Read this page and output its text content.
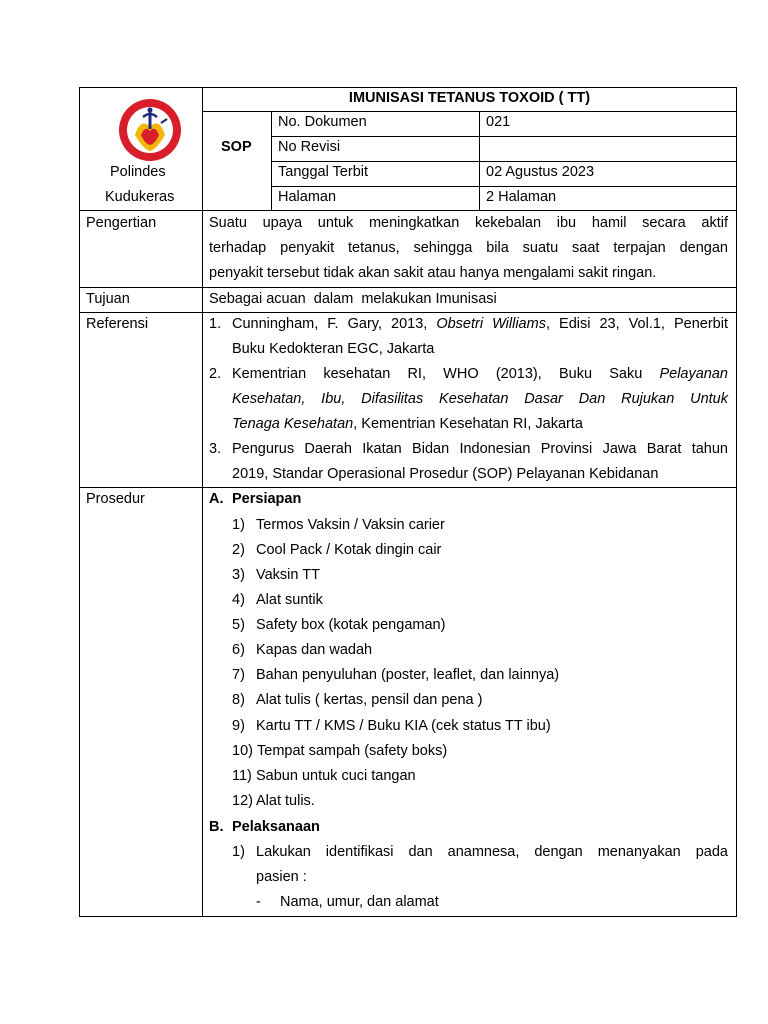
Polindes
Kudukeras
IMUNISASI TETANUS TOXOID ( TT)
SOP
No. Dokumen	021
No Revisi
Tanggal Terbit	02 Agustus 2023
Halaman	2 Halaman
Pengertian	Suatu upaya untuk meningkatkan kekebalan ibu hamil secara aktif
terhadap penyakit tetanus, sehingga bila suatu saat terpajan dengan
penyakit tersebut tidak akan sakit atau hanya mengalami sakit ringan.
Tujuan	Sebagai acuan  dalam  melakukan Imunisasi
Referensi	1. Cunningham, F. Gary, 2013, Obsetri Williams, Edisi 23, Vol.1, Penerbit
Buku Kedokteran EGC, Jakarta
2. Kementrian kesehatan RI, WHO (2013), Buku Saku Pelayanan
Kesehatan, Ibu, Difasilitas Kesehatan Dasar Dan Rujukan Untuk
Tenaga Kesehatan, Kementrian Kesehatan RI, Jakarta
3. Pengurus Daerah Ikatan Bidan Indonesian Provinsi Jawa Barat tahun
2019, Standar Operasional Prosedur (SOP) Pelayanan Kebidanan
Prosedur	A. Persiapan
1) Termos Vaksin / Vaksin carier
2) Cool Pack / Kotak dingin cair
3) Vaksin TT
4) Alat suntik
5) Safety box (kotak pengaman)
6) Kapas dan wadah
7) Bahan penyuluhan (poster, leaflet, dan lainnya)
8) Alat tulis ( kertas, pensil dan pena )
9) Kartu TT / KMS / Buku KIA (cek status TT ibu)
10) Tempat sampah (safety boks)
11) Sabun untuk cuci tangan
12) Alat tulis.
B. Pelaksanaan
1) Lakukan identifikasi dan anamnesa, dengan menanyakan pada
pasien :
- Nama, umur, dan alamat
